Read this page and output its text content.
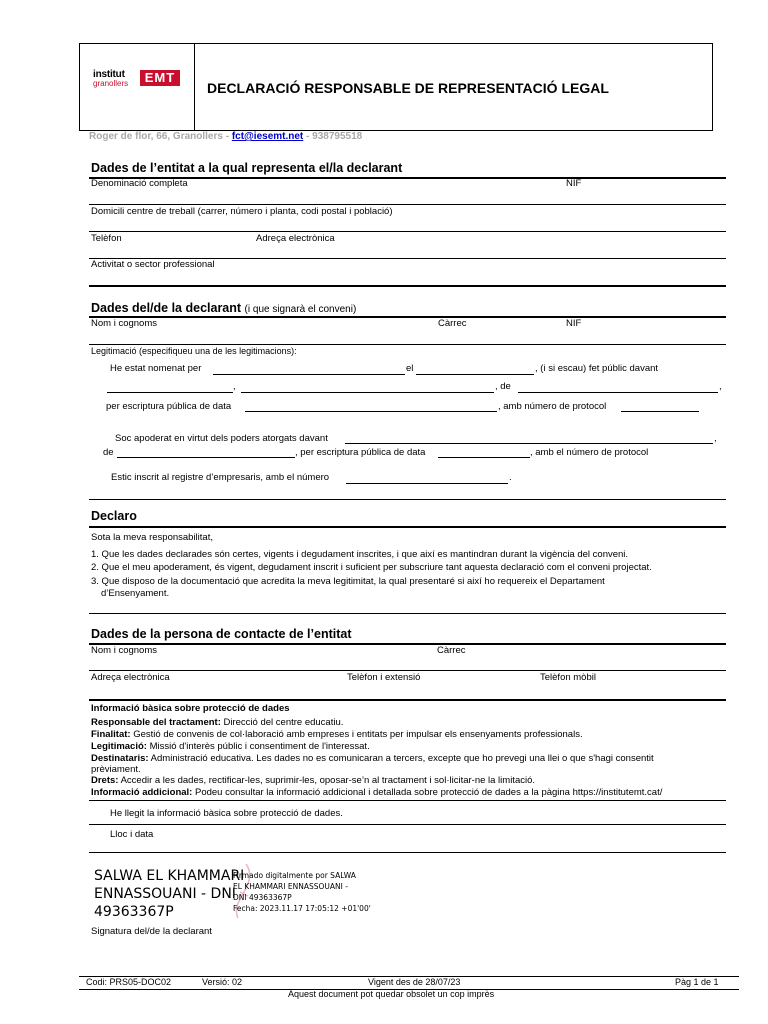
institut
granollers	EMT
DECLARACIÓ RESPONSABLE DE REPRESENTACIÓ LEGAL
Roger de flor, 66, Granollers - fct@iesemt.net - 938795518
Dades de l’entitat a la qual representa el/la declarant
Denominació completa	NIF
Domicili centre de treball (carrer, número i planta, codi postal i població)
Telèfon	Adreça electrònica
Activitat o sector professional
Dades del/de la declarant (i que signarà el conveni)
Nom i cognoms	Càrrec	NIF
Legitimació (especifiqueu una de les legitimacions):
He estat nomenat per	el	, (i si escau) fet públic davant
,	, de	,
per escriptura pública de data	, amb número de protocol
Soc apoderat en virtut dels poders atorgats davant	,
de	, per escriptura pública de data	, amb el número de protocol
Estic inscrit al registre d’empresaris, amb el número	.
Declaro
Sota la meva responsabilitat,
1. Que les dades declarades són certes, vigents i degudament inscrites, i que així es mantindran durant la vigència del conveni.
2. Que el meu apoderament, és vigent, degudament inscrit i suficient per subscriure tant aquesta declaració com el conveni projectat.
3. Que disposo de la documentació que acredita la meva legitimitat, la qual presentaré si així ho requereix el Departament
d’Ensenyament.
Dades de la persona de contacte de l’entitat
Nom i cognoms	Càrrec
Adreça electrònica	Telèfon i extensió	Telèfon mòbil
Informació bàsica sobre protecció de dades
Responsable del tractament: Direcció del centre educatiu.
Finalitat: Gestió de convenis de col·laboració amb empreses i entitats per impulsar els ensenyaments professionals.
Legitimació: Missió d'interès públic i consentiment de l'interessat.
Destinataris: Administració educativa. Les dades no es comunicaran a tercers, excepte que ho prevegi una llei o que s'hagi consentit
prèviament.
Drets: Accedir a les dades, rectificar-les, suprimir-les, oposar-se’n al tractament i sol·licitar-ne la limitació.
Informació addicional: Podeu consultar la informació addicional i detallada sobre protecció de dades a la pàgina https://institutemt.cat/
He llegit la informació bàsica sobre protecció de dades.
Lloc i data
SALWA EL KHAMMARI
ENNASSOUANI - DNI
49363367P
Firmado digitalmente por SALWA
EL KHAMMARI ENNASSOUANI -
DNI 49363367P
Fecha: 2023.11.17 17:05:12 +01'00'
Signatura del/de la declarant
Codi: PRS05-DOC02	Versió: 02	Vigent des de 28/07/23	Pàg 1 de 1
Aquest document pot quedar obsolet un cop imprès
